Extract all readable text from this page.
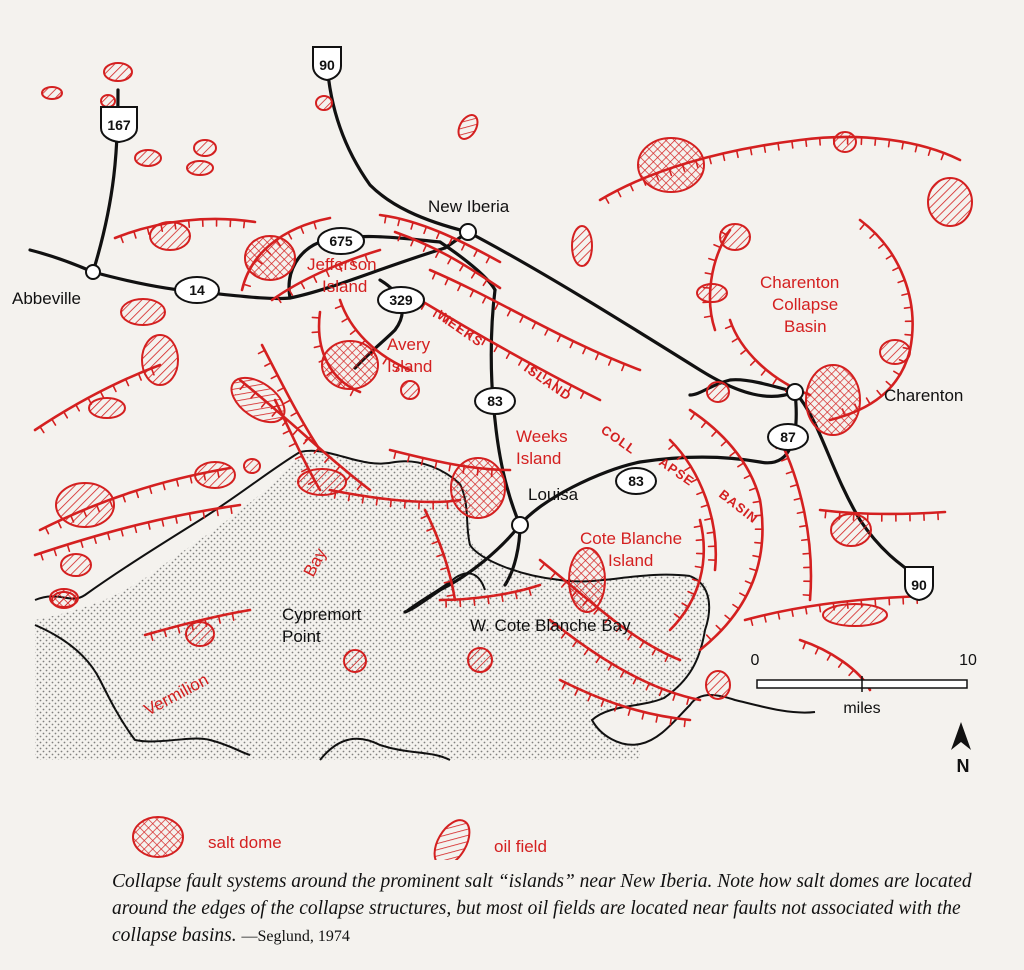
90
167
675
14
329
83
83
87
90
Abbeville
New Iberia
Louisa
Charenton
Cypremort
Point
W. Cote Blanche Bay
Jefferson
Island
Avery
Island
Weeks
Island
Charenton
Collapse
Basin
Cote Blanche
Island
Vermilion
Bay
WEEKS
ISLAND
COLL
APSE
BASIN
0	10
miles
N
salt dome	oil field
Collapse fault systems around the prominent salt “islands” near New Iberia. Note how salt domes are located around the edges of the collapse structures, but most oil fields are located near faults not associated with the collapse basins. —Seglund, 1974
